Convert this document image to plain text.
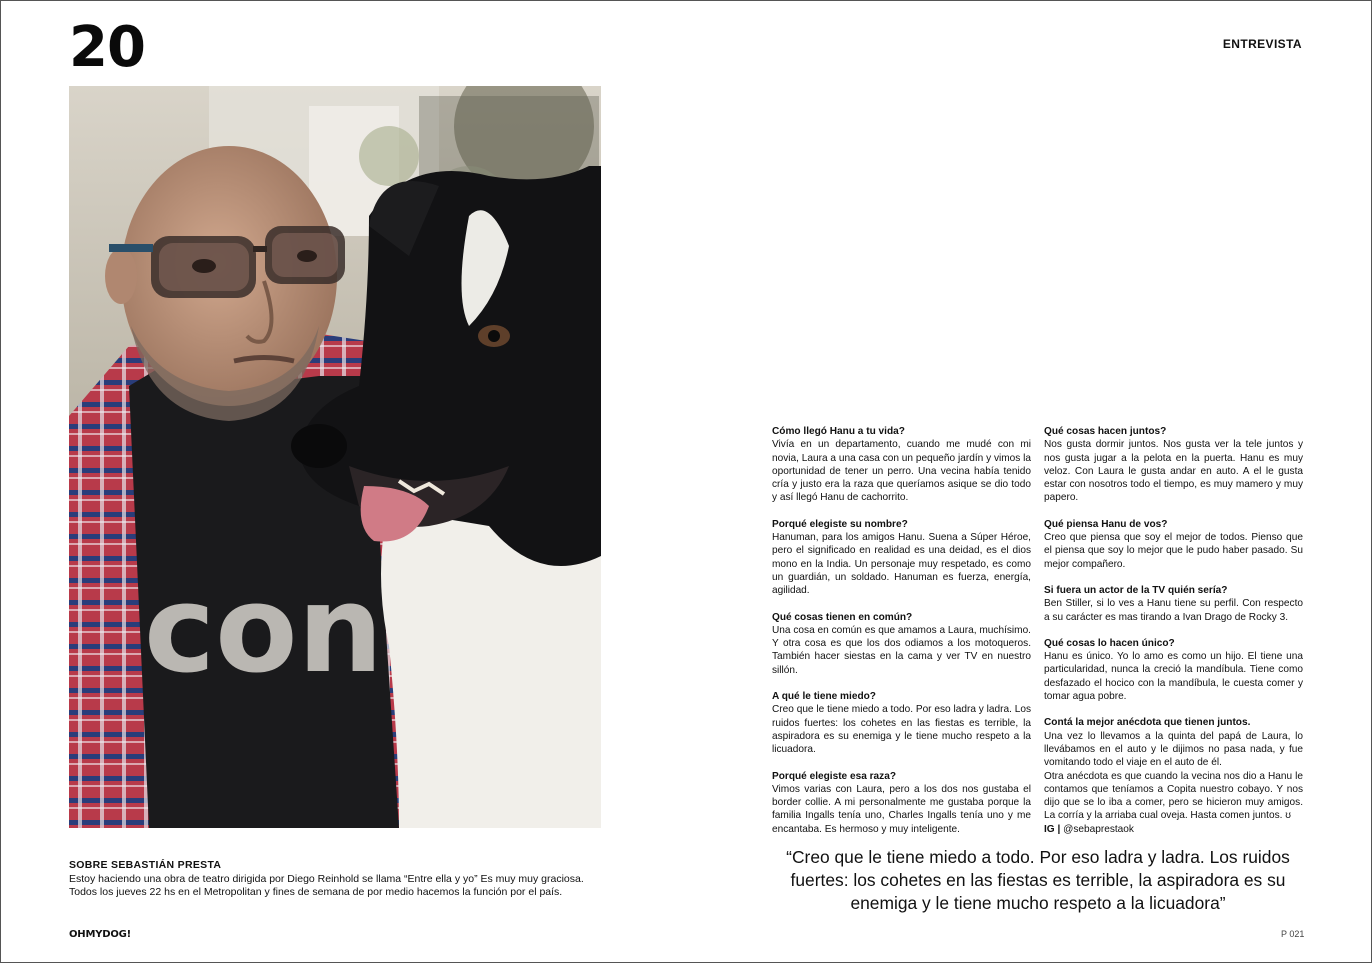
20	ENTREVISTA
con
SOBRE SEBASTIÁN PRESTA
Estoy haciendo una obra de teatro dirigida por Diego Reinhold se llama “Entre ella y yo” Es muy muy graciosa. Todos los jueves 22 hs en el Metropolitan y fines de semana de por medio hacemos la función por el país.
OHMYDOG!	P 021
Cómo llegó Hanu a tu vida?
Vivía en un departamento, cuando me mudé con mi novia, Laura a una casa con un pequeño jardín y vimos la oportunidad de tener un perro. Una vecina había tenido cría y justo era la raza que queríamos asique se dio todo y así llegó Hanu de cachorrito.
Porqué elegiste su nombre?
Hanuman, para los amigos Hanu. Suena a Súper Héroe, pero el significado en realidad es una deidad, es el dios mono en la India. Un personaje muy respetado, es como un guardián, un soldado. Hanuman es fuerza, energía, agilidad.
Qué cosas tienen en común?
Una cosa en común es que amamos a Laura, muchísimo. Y otra cosa es que los dos odiamos a los motoqueros. También hacer siestas en la cama y ver TV en nuestro sillón.
A qué le tiene miedo?
Creo que le tiene miedo a todo. Por eso ladra y ladra. Los ruidos fuertes: los cohetes en las fiestas es terrible, la aspiradora es su enemiga y le tiene mucho respeto a la licuadora.
Porqué elegiste esa raza?
Vimos varias con Laura, pero a los dos nos gustaba el border collie. A mi personalmente me gustaba porque la familia Ingalls tenía uno, Charles Ingalls tenía uno y me encantaba. Es hermoso y muy inteligente.
Qué cosas hacen juntos?
Nos gusta dormir juntos. Nos gusta ver la tele juntos y nos gusta jugar a la pelota en la puerta. Hanu es muy veloz. Con Laura le gusta andar en auto. A el le gusta estar con nosotros todo el tiempo, es muy mamero y muy papero.
Qué piensa Hanu de vos?
Creo que piensa que soy el mejor de todos. Pienso que el piensa que soy lo mejor que le pudo haber pasado. Su mejor compañero.
Si fuera un actor de la TV quién sería?
Ben Stiller, si lo ves a Hanu tiene su perfil. Con respecto a su carácter es mas tirando a Ivan Drago de Rocky 3.
Qué cosas lo hacen único?
Hanu es único. Yo lo amo es como un hijo. El tiene una particularidad, nunca la creció la mandíbula. Tiene como desfazado el hocico con la mandíbula, le cuesta comer y tomar agua pobre.
Contá la mejor anécdota que tienen juntos.
Una vez lo llevamos a la quinta del papá de Laura, lo llevábamos en el auto y le dijimos no pasa nada, y fue vomitando todo el viaje en el auto de él.
Otra anécdota es que cuando la vecina nos dio a Hanu le contamos que teníamos a Copita nuestro cobayo. Y nos dijo que se lo iba a comer, pero se hicieron muy amigos. La corría y la arriaba cual oveja. Hasta comen juntos. ʊ
IG | @sebaprestaok
“Creo que le tiene miedo a todo. Por eso ladra y ladra. Los ruidos fuertes: los cohetes en las fiestas es terrible, la aspiradora es su enemiga y le tiene mucho respeto a la licuadora”
